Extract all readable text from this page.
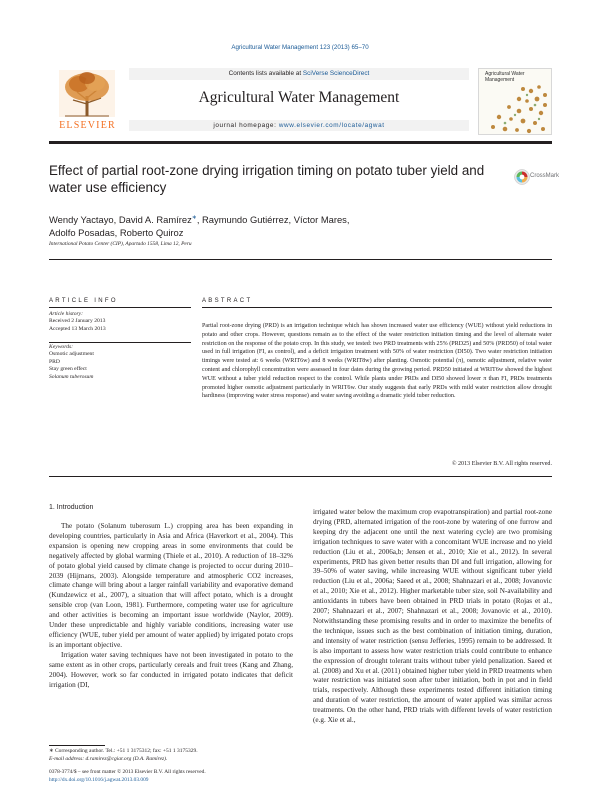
Agricultural Water Management 123 (2013) 65–70
ELSEVIER
Contents lists available at SciVerse ScienceDirect
Agricultural Water Management
journal homepage: www.elsevier.com/locate/agwat
Agricultural Water Management
Effect of partial root-zone drying irrigation timing on potato tuber yield and water use efficiency
CrossMark
Wendy Yactayo, David A. Ramírez∗, Raymundo Gutiérrez, Víctor Mares,
Adolfo Posadas, Roberto Quiroz
International Potato Center (CIP), Apartado 1558, Lima 12, Peru
ARTICLE INFO	ABSTRACT
Article history:
Received 2 January 2013
Accepted 13 March 2013
Keywords:
Osmotic adjustment
PRD
Stay green effect
Solanum tuberosum
Partial root-zone drying (PRD) is an irrigation technique which has shown increased water use efficiency (WUE) without yield reductions in potato and other crops. However, questions remain as to the effect of the water restriction initiation timing and the level of alternate water restriction on the response of the potato crop. In this study, we tested: two PRD treatments with 25% (PRD25) and 50% (PRD50) of total water used in full irrigation (FI, as control), and a deficit irrigation treatment with 50% of water restriction (DI50). Two water restriction initiation timings were tested at: 6 weeks (WRIT6w) and 8 weeks (WRIT8w) after planting. Osmotic potential (π), osmotic adjustment, relative water content and chlorophyll concentration were assessed in four dates during the growing period. PRD50 initiated at WRIT6w showed the highest WUE without a tuber yield reduction respect to the control. While plants under PRDs and DI50 showed lower π than FI, PRDs treatments promoted higher osmotic adjustment particularly in WRIT6w. Our study suggests that early PRDs with mild water restriction allow drought hardiness (improving water stress response) and water saving avoiding a dramatic yield tuber reduction.
© 2013 Elsevier B.V. All rights reserved.
1. Introduction

The potato (Solanum tuberosum L.) cropping area has been expanding in developing countries, particularly in Asia and Africa (Haverkort et al., 2004). This expansion is opening new cropping areas in some environments that could be negatively affected by global warming (Thiele et al., 2010). A reduction of 18–32% of potato global yield caused by climate change is projected to occur during 2010–2039 (Hijmans, 2003). Alongside temperature and atmospheric CO2 increases, climate change will bring about a larger rainfall variability and evaporative demand (Kundzewicz et al., 2007), a situation that will affect potato, which is a drought sensible crop (van Loon, 1981). Furthermore, competing water use for agriculture and other activities is becoming an important issue worldwide (Naylor, 2009). Under these unpredictable and highly variable conditions, increasing water use efficiency (WUE, tuber yield per amount of water applied) by irrigated potato crops is an important objective.

Irrigation water saving techniques have not been investigated in potato to the same extent as in other crops, particularly cereals and fruit trees (Kang and Zhang, 2004). However, work so far conducted in irrigated potato indicates that deficit irrigation (DI,

irrigated water below the maximum crop evapotranspiration) and partial root-zone drying (PRD, alternated irrigation of the root-zone by watering of one furrow and keeping dry the adjacent one until the next watering cycle) are two promising irrigation techniques to save water with a concomitant WUE increase and no yield reduction (Liu et al., 2006a,b; Jensen et al., 2010; Xie et al., 2012). In several experiments, PRD has given better results than DI and full irrigation, allowing for 39–50% of water saving, while increasing WUE without significant tuber yield reduction (Liu et al., 2006a; Saeed et al., 2008; Shahnazari et al., 2008; Jovanovic et al., 2010; Xie et al., 2012). Higher marketable tuber size, soil N-availability and antioxidants in tubers have been obtained in PRD trials in potato (Rojas et al., 2007; Shahnazari et al., 2007; Shahnazari et al., 2008; Jovanovic et al., 2010). Notwithstanding these promising results and in order to maximize the benefits of the technique, issues such as the best combination of initiation timing, duration, and intensity of water restriction (sensu Jefferies, 1995) remain to be addressed. It is also important to assess how water restriction trials could contribute to enhance the expression of drought tolerant traits without tuber yield penalization. Saeed et al. (2008) and Xu et al. (2011) obtained higher tuber yield in PRD treatments when water restriction was initiated soon after tuber initiation, both in pot and in field trials, respectively. Although these experiments tested different initiation timing and duration of water restriction, the amount of water applied was similar across treatments. On the other hand, PRD trials with different levels of water restriction (e.g. Xie et al.,

∗ Corresponding author. Tel.: +51 1 3175312; fax: +51 1 3175329.
E-mail address: d.ramirez@cgiar.org (D.A. Ramírez).
0378-3774/$ – see front matter © 2013 Elsevier B.V. All rights reserved.
http://dx.doi.org/10.1016/j.agwat.2013.03.009
